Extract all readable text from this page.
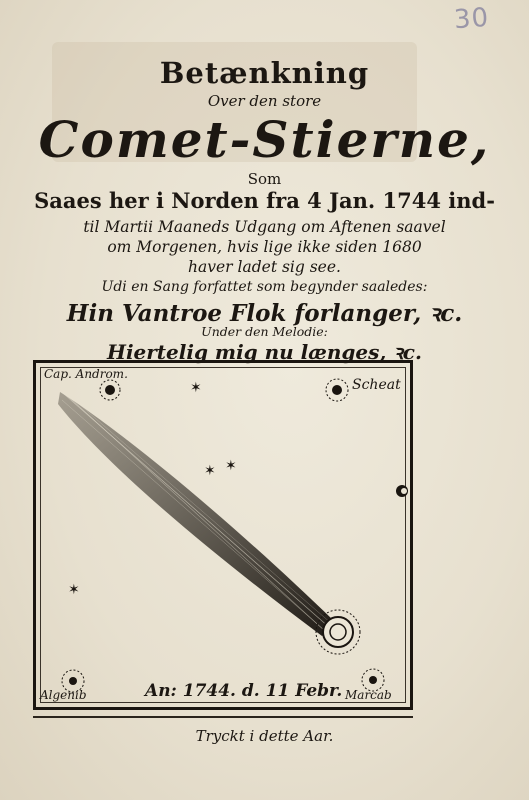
30
Betænkning
Over den store
Comet-Stierne,
Som
Saaes her i Norden fra 4 Jan. 1744 ind-
til Martii Maaneds Udgang om Aftenen saavel
om Morgenen, hvis lige ikke siden 1680
haver ladet sig see.
Udi en Sang forfattet som begynder saaledes:
Hin Vantroe Flok forlanger, ꝛc.
Under den Melodie:
Hiertelig mig nu længes, ꝛc.
✶
✶ ✶
✶
Cap. Androm.
Scheat
Algenib	Marcab
An: 1744. d. 11 Febr.
Tryckt i dette Aar.
